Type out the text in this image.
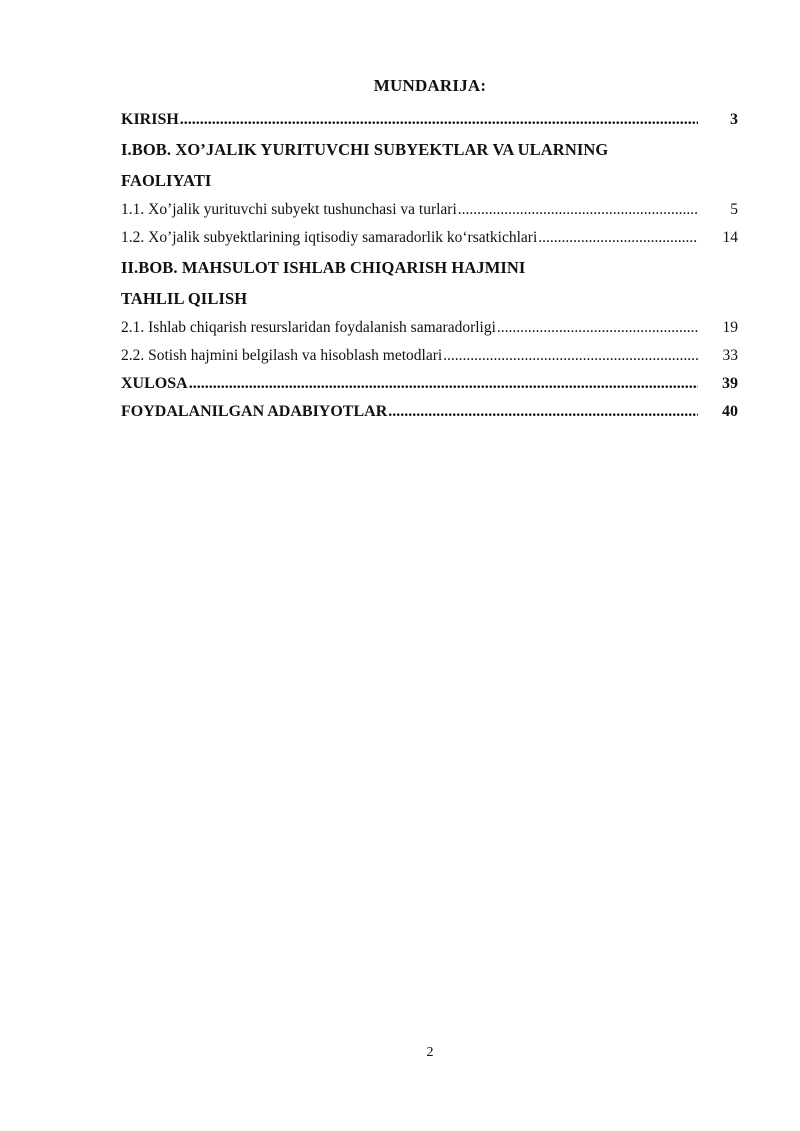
MUNDARIJA:
KIRISH .....	3
I.BOB. XO’JALIK YURITUVCHI SUBYEKTLAR VA ULARNING
FAOLIYATI
1.1. Xo’jalik yurituvchi subyekt tushunchasi va turlari .....	5
1.2. Xo’jalik subyektlarining iqtisodiy samaradorlik ko‘rsatkichlari .....	14
II.BOB. MAHSULOT ISHLAB CHIQARISH HAJMINI
TAHLIL QILISH
2.1. Ishlab chiqarish resurslaridan foydalanish samaradorligi .....	19
2.2. Sotish hajmini belgilash va hisoblash metodlari .....	33
XULOSA .....	39
FOYDALANILGAN ADABIYOTLAR .....	40
2
